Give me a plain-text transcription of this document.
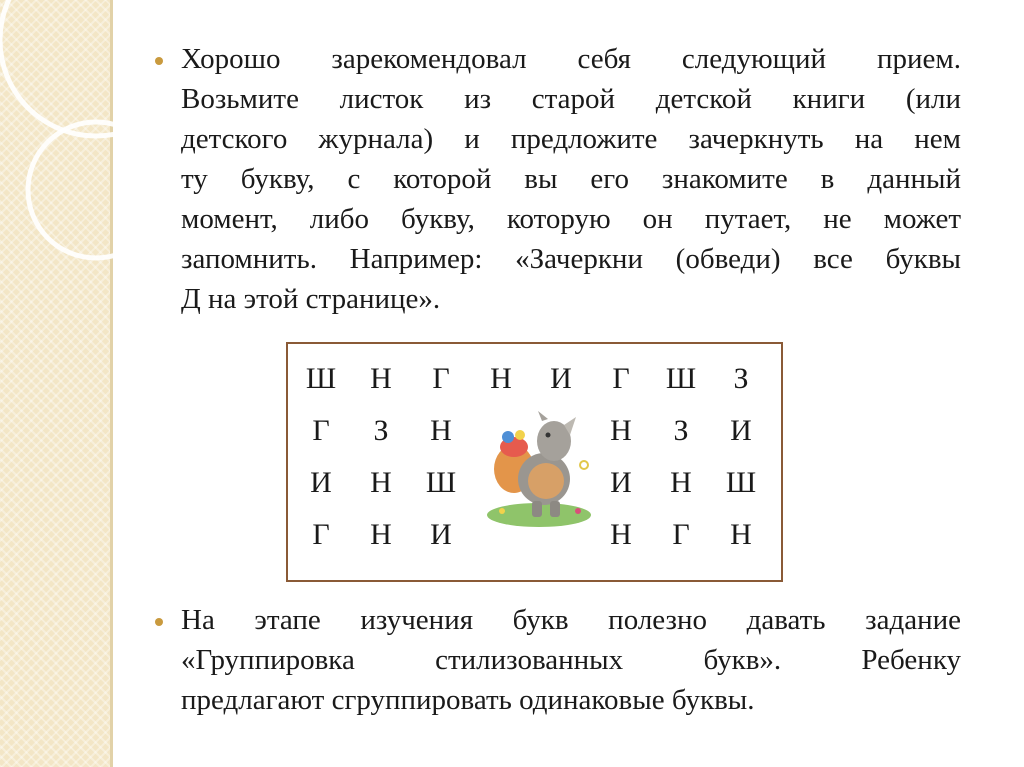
Хорошо зарекомендовал себя следующий прием.

Возьмите листок из старой детской книги (или

детского журнала) и предложите зачеркнуть на нем

ту букву, с которой вы его знакомите в данный

момент, либо букву, которую он путает, не может

запомнить. Например: «Зачеркни (обведи) все буквы

Д на этой странице».

Ш	Н	Г	Н	И	Г	Ш	З
Г	З	Н	Н	З	И
И	Н	Ш	И	Н	Ш
Г	Н	И	Н	Г	Н

На этапе изучения букв полезно давать задание

«Группировка стилизованных букв». Ребенку

предлагают сгруппировать одинаковые буквы.
